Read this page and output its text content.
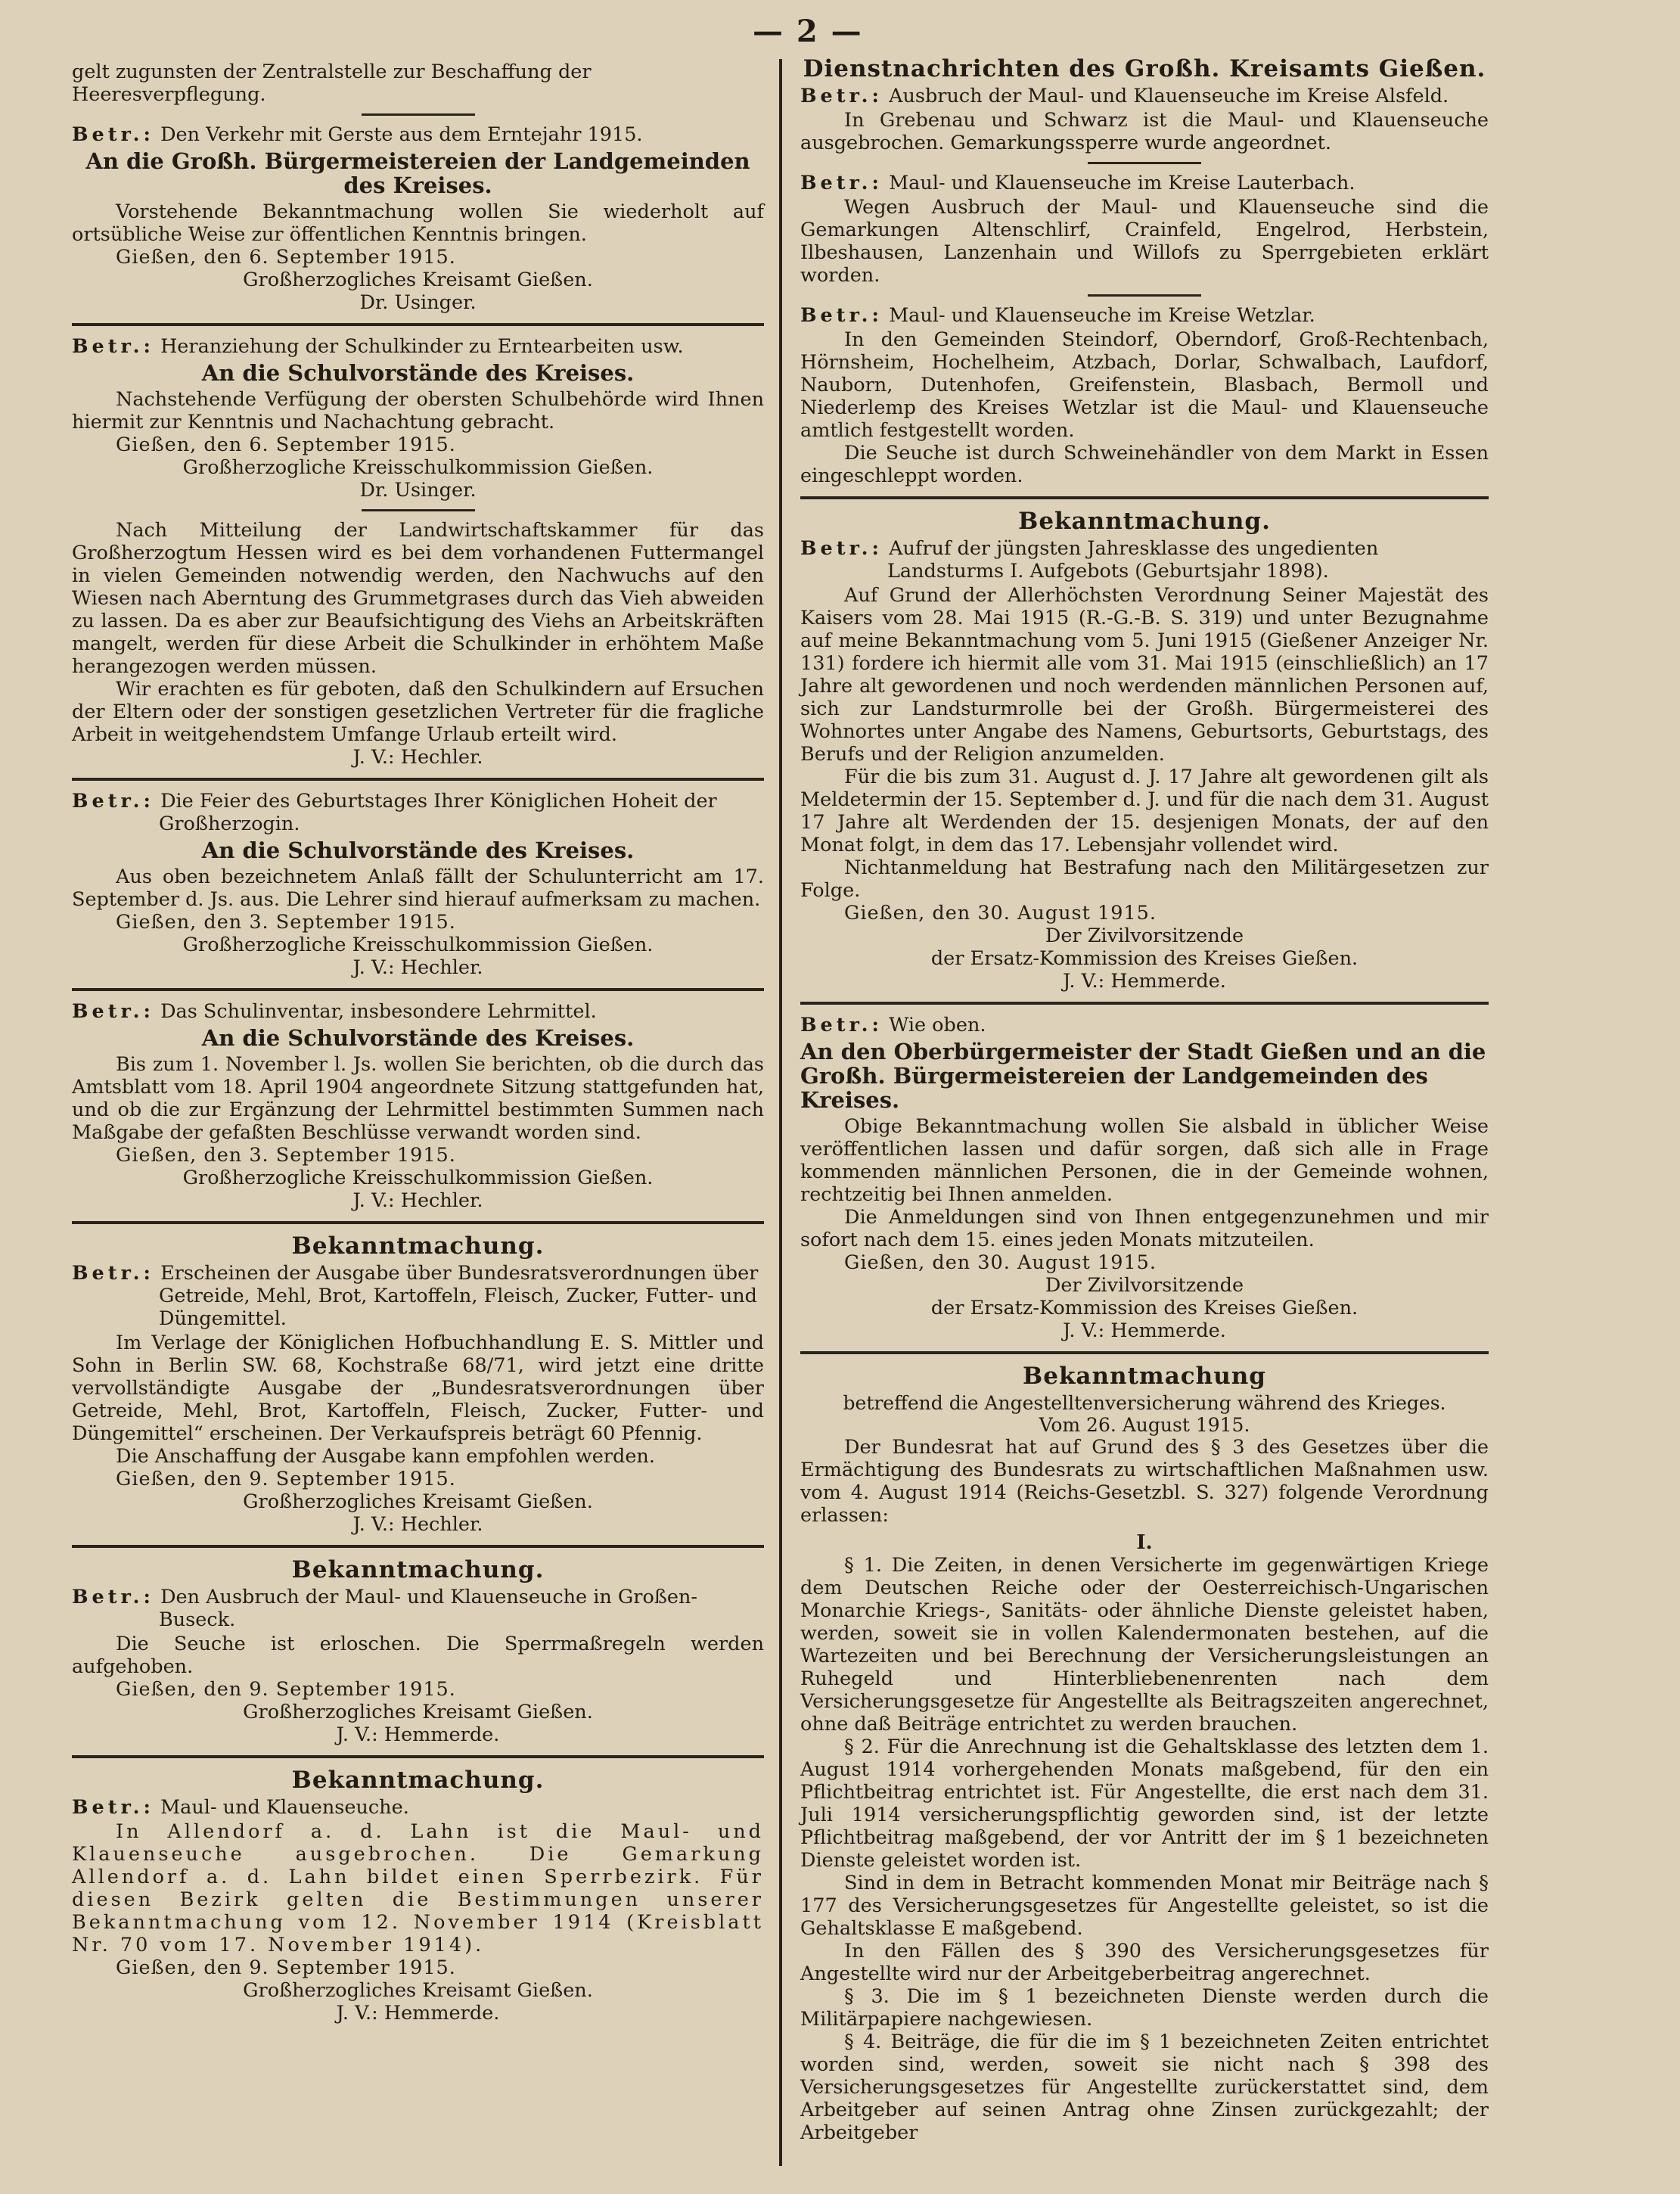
— 2 —

gelt zugunsten der Zentralstelle zur Beschaffung der Heeresverpflegung.

Betr.: Den Verkehr mit Gerste aus dem Erntejahr 1915.

An die Großh. Bürgermeistereien der Landgemeinden des Kreises.

Vorstehende Bekanntmachung wollen Sie wiederholt auf ortsübliche Weise zur öffentlichen Kenntnis bringen.

Gießen, den 6. September 1915.

Großherzogliches Kreisamt Gießen.

Dr. Usinger.

Betr.: Heranziehung der Schulkinder zu Erntearbeiten usw.

An die Schulvorstände des Kreises.

Nachstehende Verfügung der obersten Schulbehörde wird Ihnen hiermit zur Kenntnis und Nachachtung gebracht.

Gießen, den 6. September 1915.

Großherzogliche Kreisschulkommission Gießen.

Dr. Usinger.

Nach Mitteilung der Landwirtschaftskammer für das Großherzogtum Hessen wird es bei dem vorhandenen Futtermangel in vielen Gemeinden notwendig werden, den Nachwuchs auf den Wiesen nach Aberntung des Grummetgrases durch das Vieh abweiden zu lassen. Da es aber zur Beaufsichtigung des Viehs an Arbeitskräften mangelt, werden für diese Arbeit die Schulkinder in erhöhtem Maße herangezogen werden müssen.

Wir erachten es für geboten, daß den Schulkindern auf Ersuchen der Eltern oder der sonstigen gesetzlichen Vertreter für die fragliche Arbeit in weitgehendstem Umfange Urlaub erteilt wird.

J. V.: Hechler.

Betr.: Die Feier des Geburtstages Ihrer Königlichen Hoheit der Großherzogin.

An die Schulvorstände des Kreises.

Aus oben bezeichnetem Anlaß fällt der Schulunterricht am 17. September d. Js. aus. Die Lehrer sind hierauf aufmerksam zu machen.

Gießen, den 3. September 1915.

Großherzogliche Kreisschulkommission Gießen.

J. V.: Hechler.

Betr.: Das Schulinventar, insbesondere Lehrmittel.

An die Schulvorstände des Kreises.

Bis zum 1. November l. Js. wollen Sie berichten, ob die durch das Amtsblatt vom 18. April 1904 angeordnete Sitzung stattgefunden hat, und ob die zur Ergänzung der Lehrmittel bestimmten Summen nach Maßgabe der gefaßten Beschlüsse verwandt worden sind.

Gießen, den 3. September 1915.

Großherzogliche Kreisschulkommission Gießen.

J. V.: Hechler.

Bekanntmachung.

Betr.: Erscheinen der Ausgabe über Bundesratsverordnungen über Getreide, Mehl, Brot, Kartoffeln, Fleisch, Zucker, Futter- und Düngemittel.

Im Verlage der Königlichen Hofbuchhandlung E. S. Mittler und Sohn in Berlin SW. 68, Kochstraße 68/71, wird jetzt eine dritte vervollständigte Ausgabe der „Bundesratsverordnungen über Getreide, Mehl, Brot, Kartoffeln, Fleisch, Zucker, Futter- und Düngemittel“ erscheinen. Der Verkaufspreis beträgt 60 Pfennig.

Die Anschaffung der Ausgabe kann empfohlen werden.

Gießen, den 9. September 1915.

Großherzogliches Kreisamt Gießen.

J. V.: Hechler.

Bekanntmachung.

Betr.: Den Ausbruch der Maul- und Klauenseuche in Großen-Buseck.

Die Seuche ist erloschen. Die Sperrmaßregeln werden aufgehoben.

Gießen, den 9. September 1915.

Großherzogliches Kreisamt Gießen.

J. V.: Hemmerde.

Bekanntmachung.

Betr.: Maul- und Klauenseuche.

In Allendorf a. d. Lahn ist die Maul- und Klauenseuche ausgebrochen. Die Gemarkung Allendorf a. d. Lahn bildet einen Sperrbezirk. Für diesen Bezirk gelten die Bestimmungen unserer Bekanntmachung vom 12. November 1914 (Kreisblatt Nr. 70 vom 17. November 1914).

Gießen, den 9. September 1915.

Großherzogliches Kreisamt Gießen.

J. V.: Hemmerde.

Dienstnachrichten des Großh. Kreisamts Gießen.

Betr.: Ausbruch der Maul- und Klauenseuche im Kreise Alsfeld.

In Grebenau und Schwarz ist die Maul- und Klauenseuche ausgebrochen. Gemarkungssperre wurde angeordnet.

Betr.: Maul- und Klauenseuche im Kreise Lauterbach.

Wegen Ausbruch der Maul- und Klauenseuche sind die Gemarkungen Altenschlirf, Crainfeld, Engelrod, Herbstein, Ilbeshausen, Lanzenhain und Willofs zu Sperrgebieten erklärt worden.

Betr.: Maul- und Klauenseuche im Kreise Wetzlar.

In den Gemeinden Steindorf, Oberndorf, Groß-Rechtenbach, Hörnsheim, Hochelheim, Atzbach, Dorlar, Schwalbach, Laufdorf, Nauborn, Dutenhofen, Greifenstein, Blasbach, Bermoll und Niederlemp des Kreises Wetzlar ist die Maul- und Klauenseuche amtlich festgestellt worden.

Die Seuche ist durch Schweinehändler von dem Markt in Essen eingeschleppt worden.

Bekanntmachung.

Betr.: Aufruf der jüngsten Jahresklasse des ungedienten Landsturms I. Aufgebots (Geburtsjahr 1898).

Auf Grund der Allerhöchsten Verordnung Seiner Majestät des Kaisers vom 28. Mai 1915 (R.-G.-B. S. 319) und unter Bezugnahme auf meine Bekanntmachung vom 5. Juni 1915 (Gießener Anzeiger Nr. 131) fordere ich hiermit alle vom 31. Mai 1915 (einschließlich) an 17 Jahre alt gewordenen und noch werdenden männlichen Personen auf, sich zur Landsturmrolle bei der Großh. Bürgermeisterei des Wohnortes unter Angabe des Namens, Geburtsorts, Geburtstags, des Berufs und der Religion anzumelden.

Für die bis zum 31. August d. J. 17 Jahre alt gewordenen gilt als Meldetermin der 15. September d. J. und für die nach dem 31. August 17 Jahre alt Werdenden der 15. desjenigen Monats, der auf den Monat folgt, in dem das 17. Lebensjahr vollendet wird.

Nichtanmeldung hat Bestrafung nach den Militärgesetzen zur Folge.

Gießen, den 30. August 1915.

Der Zivilvorsitzende

der Ersatz-Kommission des Kreises Gießen.

J. V.: Hemmerde.

Betr.: Wie oben.

An den Oberbürgermeister der Stadt Gießen und an die Großh. Bürgermeistereien der Landgemeinden des Kreises.

Obige Bekanntmachung wollen Sie alsbald in üblicher Weise veröffentlichen lassen und dafür sorgen, daß sich alle in Frage kommenden männlichen Personen, die in der Gemeinde wohnen, rechtzeitig bei Ihnen anmelden.

Die Anmeldungen sind von Ihnen entgegenzunehmen und mir sofort nach dem 15. eines jeden Monats mitzuteilen.

Gießen, den 30. August 1915.

Der Zivilvorsitzende

der Ersatz-Kommission des Kreises Gießen.

J. V.: Hemmerde.

Bekanntmachung

betreffend die Angestelltenversicherung während des Krieges.

Vom 26. August 1915.

Der Bundesrat hat auf Grund des § 3 des Gesetzes über die Ermächtigung des Bundesrats zu wirtschaftlichen Maßnahmen usw. vom 4. August 1914 (Reichs-Gesetzbl. S. 327) folgende Verordnung erlassen:

I.

§ 1. Die Zeiten, in denen Versicherte im gegenwärtigen Kriege dem Deutschen Reiche oder der Oesterreichisch-Ungarischen Monarchie Kriegs-, Sanitäts- oder ähnliche Dienste geleistet haben, werden, soweit sie in vollen Kalendermonaten bestehen, auf die Wartezeiten und bei Berechnung der Versicherungsleistungen an Ruhegeld und Hinterbliebenenrenten nach dem Versicherungsgesetze für Angestellte als Beitragszeiten angerechnet, ohne daß Beiträge entrichtet zu werden brauchen.

§ 2. Für die Anrechnung ist die Gehaltsklasse des letzten dem 1. August 1914 vorhergehenden Monats maßgebend, für den ein Pflichtbeitrag entrichtet ist. Für Angestellte, die erst nach dem 31. Juli 1914 versicherungspflichtig geworden sind, ist der letzte Pflichtbeitrag maßgebend, der vor Antritt der im § 1 bezeichneten Dienste geleistet worden ist.

Sind in dem in Betracht kommenden Monat mir Beiträge nach § 177 des Versicherungsgesetzes für Angestellte geleistet, so ist die Gehaltsklasse E maßgebend.

In den Fällen des § 390 des Versicherungsgesetzes für Angestellte wird nur der Arbeitgeberbeitrag angerechnet.

§ 3. Die im § 1 bezeichneten Dienste werden durch die Militärpapiere nachgewiesen.

§ 4. Beiträge, die für die im § 1 bezeichneten Zeiten entrichtet worden sind, werden, soweit sie nicht nach § 398 des Versicherungsgesetzes für Angestellte zurückerstattet sind, dem Arbeitgeber auf seinen Antrag ohne Zinsen zurückgezahlt; der Arbeitgeber
